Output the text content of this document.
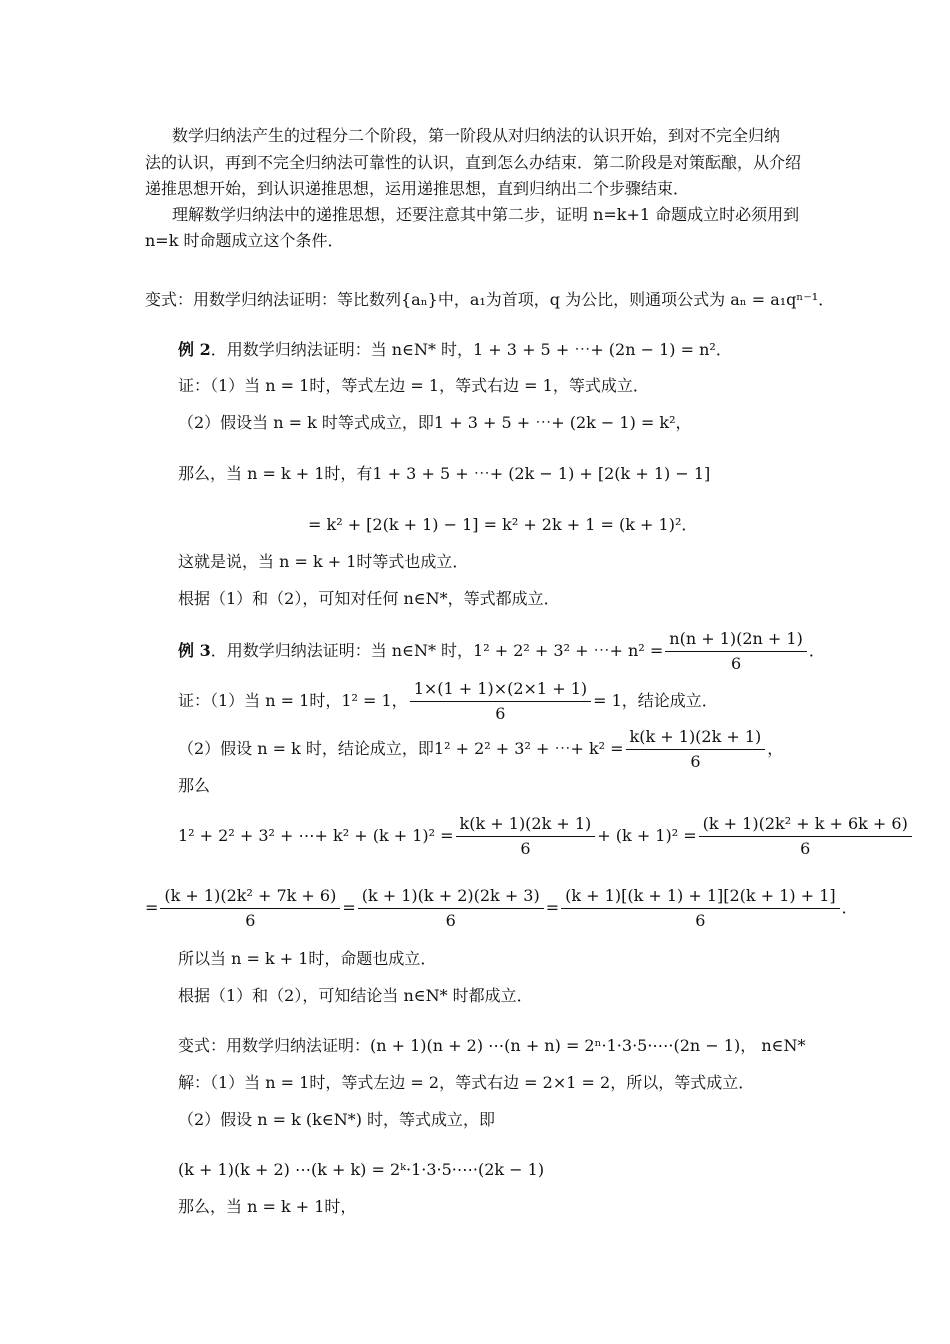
数学归纳法产生的过程分二个阶段，第一阶段从对归纳法的认识开始，到对不完全归纳
法的认识，再到不完全归纳法可靠性的认识，直到怎么办结束．第二阶段是对策酝酿，从介绍
递推思想开始，到认识递推思想，运用递推思想，直到归纳出二个步骤结束．
理解数学归纳法中的递推思想，还要注意其中第二步，证明 n=k+1 命题成立时必须用到
n=k 时命题成立这个条件．
变式：用数学归纳法证明：等比数列{aₙ}中，a₁为首项，q 为公比，则通项公式为 aₙ = a₁qⁿ⁻¹．
例 2．用数学归纳法证明：当 n∈N* 时，1 + 3 + 5 + ⋯+ (2n − 1) = n²．
证：（1）当 n = 1时，等式左边 = 1，等式右边 = 1，等式成立．
（2）假设当 n = k 时等式成立，即1 + 3 + 5 + ⋯+ (2k − 1) = k²，
那么，当 n = k + 1时，有1 + 3 + 5 + ⋯+ (2k − 1) + [2(k + 1) − 1]
= k² + [2(k + 1) − 1] = k² + 2k + 1 = (k + 1)²．
这就是说，当 n = k + 1时等式也成立．
根据（1）和（2），可知对任何 n∈N*，等式都成立．
例 3．用数学归纳法证明：当 n∈N* 时，1² + 2² + 3² + ⋯+ $n^2 = \frac{n(n + 1)(2n + 1)}{6}$ ．
证：（1）当 n = 1时，1² = 1， $\frac{1\times(1 + 1)\times(2\times 1 + 1)}{6} = 1$，结论成立．
（2）假设 n = k 时，结论成立，即1² + 2² + 3² + ⋯+ $k^2 = \frac{k(k + 1)(2k + 1)}{6}$ ，
那么
1² + 2² + 3² + ⋯+ $k^2 + (k + 1)^2 = \frac{k(k + 1)(2k + 1)}{6} + (k + 1)^2 = \frac{\text{(k + 1)(2k² + k + 6k + 6)}}{6}$
= $\frac{\text{(k + 1)(2k² + 7k + 6)}}{6} = \frac{(k + 1)(k + 2)(2k + 3)}{6} = \frac{(k + 1)[(k + 1) + 1][2(k + 1) + 1]}{6}$ ．
所以当 n = k + 1时，命题也成立．
根据（1）和（2），可知结论当 n∈N* 时都成立．
变式：用数学归纳法证明：(n + 1)(n + 2) ⋯(n + n) = 2ⁿ·1·3·5·⋯·(2n − 1)， n∈N*
解：（1）当 n = 1时，等式左边 = 2，等式右边 = 2×1 = 2，所以，等式成立．
（2）假设 n = k (k∈N*) 时，等式成立，即
(k + 1)(k + 2) ⋯(k + k) = 2ᵏ·1·3·5·⋯·(2k − 1)
那么，当 n = k + 1时，
